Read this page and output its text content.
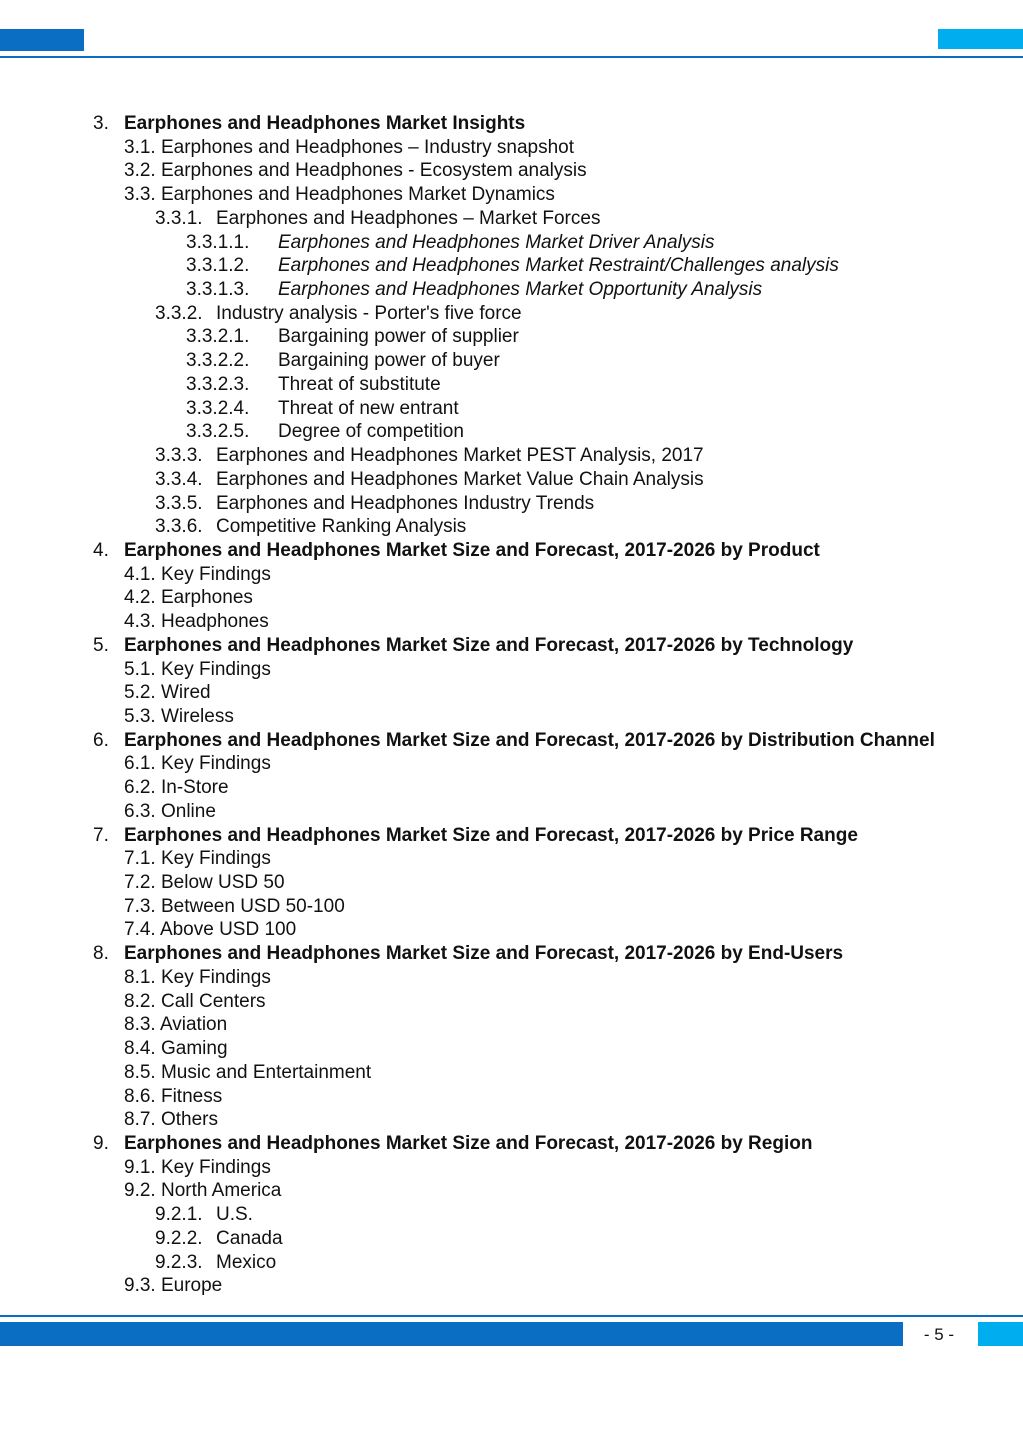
3. Earphones and Headphones Market Insights
3.1. Earphones and Headphones – Industry snapshot
3.2. Earphones and Headphones - Ecosystem analysis
3.3. Earphones and Headphones Market Dynamics
3.3.1. Earphones and Headphones – Market Forces
3.3.1.1. Earphones and Headphones Market Driver Analysis
3.3.1.2. Earphones and Headphones Market Restraint/Challenges analysis
3.3.1.3. Earphones and Headphones Market Opportunity Analysis
3.3.2. Industry analysis - Porter's five force
3.3.2.1. Bargaining power of supplier
3.3.2.2. Bargaining power of buyer
3.3.2.3. Threat of substitute
3.3.2.4. Threat of new entrant
3.3.2.5. Degree of competition
3.3.3. Earphones and Headphones Market PEST Analysis, 2017
3.3.4. Earphones and Headphones Market Value Chain Analysis
3.3.5. Earphones and Headphones Industry Trends
3.3.6. Competitive Ranking Analysis
4. Earphones and Headphones Market Size and Forecast, 2017-2026 by Product
4.1. Key Findings
4.2. Earphones
4.3. Headphones
5. Earphones and Headphones Market Size and Forecast, 2017-2026 by Technology
5.1. Key Findings
5.2. Wired
5.3. Wireless
6. Earphones and Headphones Market Size and Forecast, 2017-2026 by Distribution Channel
6.1. Key Findings
6.2. In-Store
6.3. Online
7. Earphones and Headphones Market Size and Forecast, 2017-2026 by Price Range
7.1. Key Findings
7.2. Below USD 50
7.3. Between USD 50-100
7.4. Above USD 100
8. Earphones and Headphones Market Size and Forecast, 2017-2026 by End-Users
8.1. Key Findings
8.2. Call Centers
8.3. Aviation
8.4. Gaming
8.5. Music and Entertainment
8.6. Fitness
8.7. Others
9. Earphones and Headphones Market Size and Forecast, 2017-2026 by Region
9.1. Key Findings
9.2. North America
9.2.1. U.S.
9.2.2. Canada
9.2.3. Mexico
9.3. Europe
- 5 -
